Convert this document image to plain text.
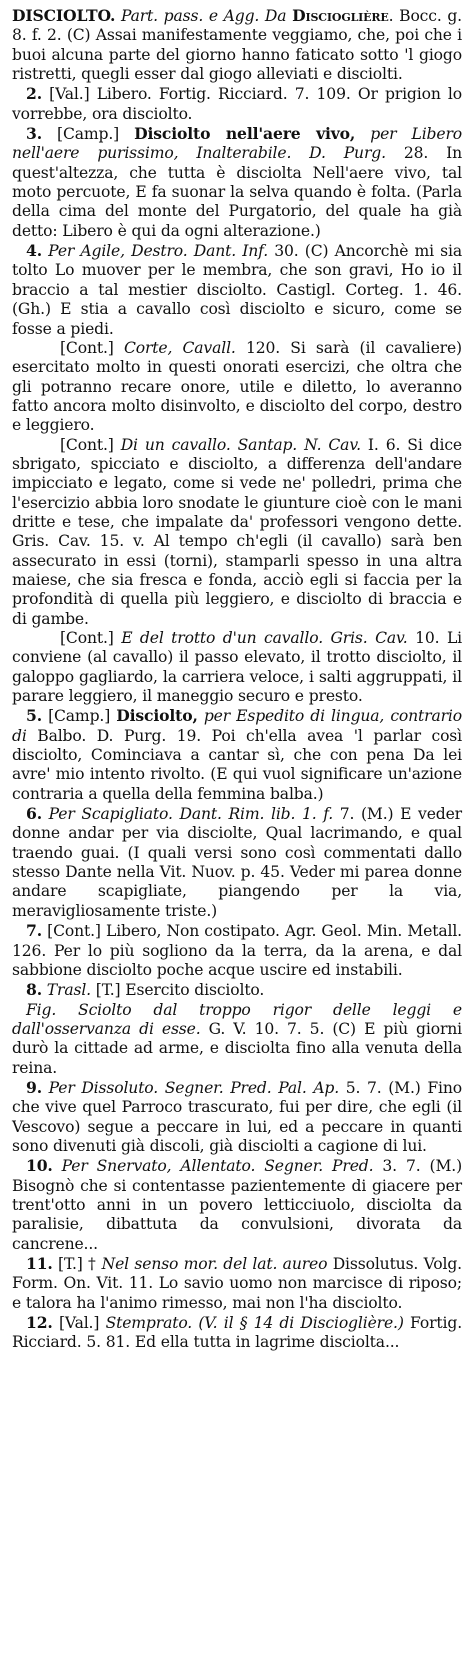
DISCIOLTO. Part. pass. e Agg. Da Discioglière. Bocc. g. 8. f. 2. (C) Assai manifestamente veggiamo, che, poi che i buoi alcuna parte del giorno hanno faticato sotto 'l giogo ristretti, quegli esser dal giogo alleviati e disciolti.

2. [Val.] Libero. Fortig. Ricciard. 7. 109. Or prigion lo vorrebbe, ora disciolto.

3. [Camp.] Disciolto nell'aere vivo, per Libero nell'aere purissimo, Inalterabile. D. Purg. 28. In quest'altezza, che tutta è disciolta Nell'aere vivo, tal moto percuote, E fa suonar la selva quando è folta. (Parla della cima del monte del Purgatorio, del quale ha già detto: Libero è qui da ogni alterazione.)

4. Per Agile, Destro. Dant. Inf. 30. (C) Ancorchè mi sia tolto Lo muover per le membra, che son gravi, Ho io il braccio a tal mestier disciolto. Castigl. Corteg. 1. 46. (Gh.) E stia a cavallo così disciolto e sicuro, come se fosse a piedi.

[Cont.] Corte, Cavall. 120. Si sarà (il cavaliere) esercitato molto in questi onorati esercizi, che oltra che gli potranno recare onore, utile e diletto, lo averanno fatto ancora molto disinvolto, e disciolto del corpo, destro e leggiero.

[Cont.] Di un cavallo. Santap. N. Cav. I. 6. Si dice sbrigato, spicciato e disciolto, a differenza dell'andare impicciato e legato, come si vede ne' polledri, prima che l'esercizio abbia loro snodate le giunture cioè con le mani dritte e tese, che impalate da' professori vengono dette. Gris. Cav. 15. v. Al tempo ch'egli (il cavallo) sarà ben assecurato in essi (torni), stamparli spesso in una altra maiese, che sia fresca e fonda, acciò egli si faccia per la profondità di quella più leggiero, e disciolto di braccia e di gambe.

[Cont.] E del trotto d'un cavallo. Gris. Cav. 10. Li conviene (al cavallo) il passo elevato, il trotto disciolto, il galoppo gagliardo, la carriera veloce, i salti aggruppati, il parare leggiero, il maneggio securo e presto.

5. [Camp.] Disciolto, per Espedito di lingua, contrario di Balbo. D. Purg. 19. Poi ch'ella avea 'l parlar così disciolto, Cominciava a cantar sì, che con pena Da lei avre' mio intento rivolto. (E qui vuol significare un'azione contraria a quella della femmina balba.)

6. Per Scapigliato. Dant. Rim. lib. 1. f. 7. (M.) E veder donne andar per via disciolte, Qual lacrimando, e qual traendo guai. (I quali versi sono così commentati dallo stesso Dante nella Vit. Nuov. p. 45. Veder mi parea donne andare scapigliate, piangendo per la via, meravigliosamente triste.)

7. [Cont.] Libero, Non costipato. Agr. Geol. Min. Metall. 126. Per lo più sogliono da la terra, da la arena, e dal sabbione disciolto poche acque uscire ed instabili.

8. Trasl. [T.] Esercito disciolto.

Fig. Sciolto dal troppo rigor delle leggi e dall'osservanza di esse. G. V. 10. 7. 5. (C) E più giorni durò la cittade ad arme, e disciolta fino alla venuta della reina.

9. Per Dissoluto. Segner. Pred. Pal. Ap. 5. 7. (M.) Fino che vive quel Parroco trascurato, fui per dire, che egli (il Vescovo) segue a peccare in lui, ed a peccare in quanti sono divenuti già discoli, già disciolti a cagione di lui.

10. Per Snervato, Allentato. Segner. Pred. 3. 7. (M.) Bisognò che si contentasse pazientemente di giacere per trent'otto anni in un povero letticciuolo, disciolta da paralisie, dibattuta da convulsioni, divorata da cancrene...

11. [T.] † Nel senso mor. del lat. aureo Dissolutus. Volg. Form. On. Vit. 11. Lo savio uomo non marcisce di riposo; e talora ha l'animo rimesso, mai non l'ha disciolto.

12. [Val.] Stemprato. (V. il § 14 di Discioglière.) Fortig. Ricciard. 5. 81. Ed ella tutta in lagrime disciolta...
